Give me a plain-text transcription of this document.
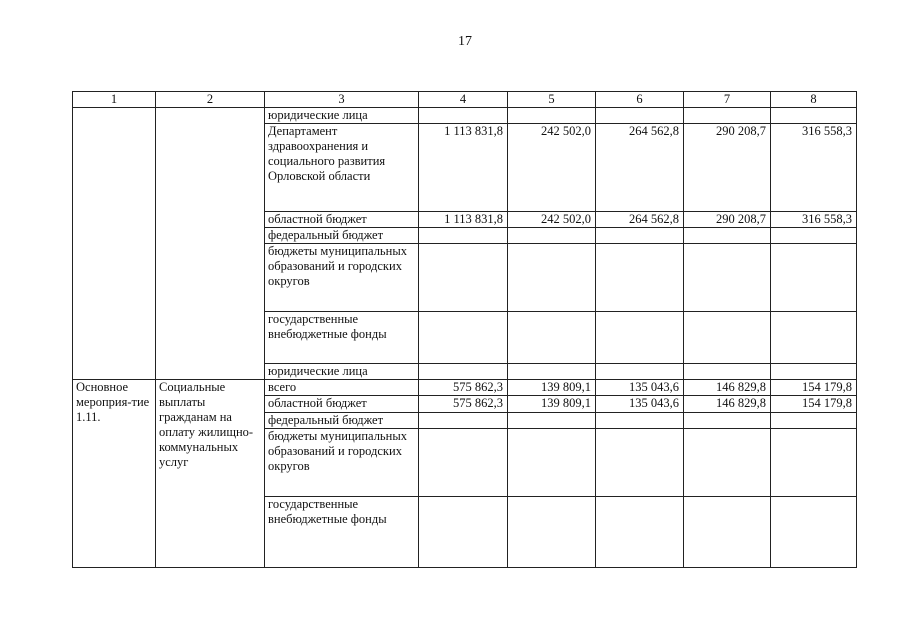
17
1	2	3	4	5	6	7	8
		юридические лица					
		Департамент здравоохранения и социального развития Орловской области	1 113 831,8	242 502,0	264 562,8	290 208,7	316 558,3
		областной бюджет	1 113 831,8	242 502,0	264 562,8	290 208,7	316 558,3
		федеральный бюджет					
		бюджеты муниципальных образований и городских округов					
		государственные внебюджетные фонды					
		юридические лица					
Основное мероприя-тие 1.11.	Социальные выплаты гражданам на оплату жилищно-коммунальных услуг	всего	575 862,3	139 809,1	135 043,6	146 829,8	154 179,8
		областной бюджет	575 862,3	139 809,1	135 043,6	146 829,8	154 179,8
		федеральный бюджет					
		бюджеты муниципальных образований и городских округов					
		государственные внебюджетные фонды					
